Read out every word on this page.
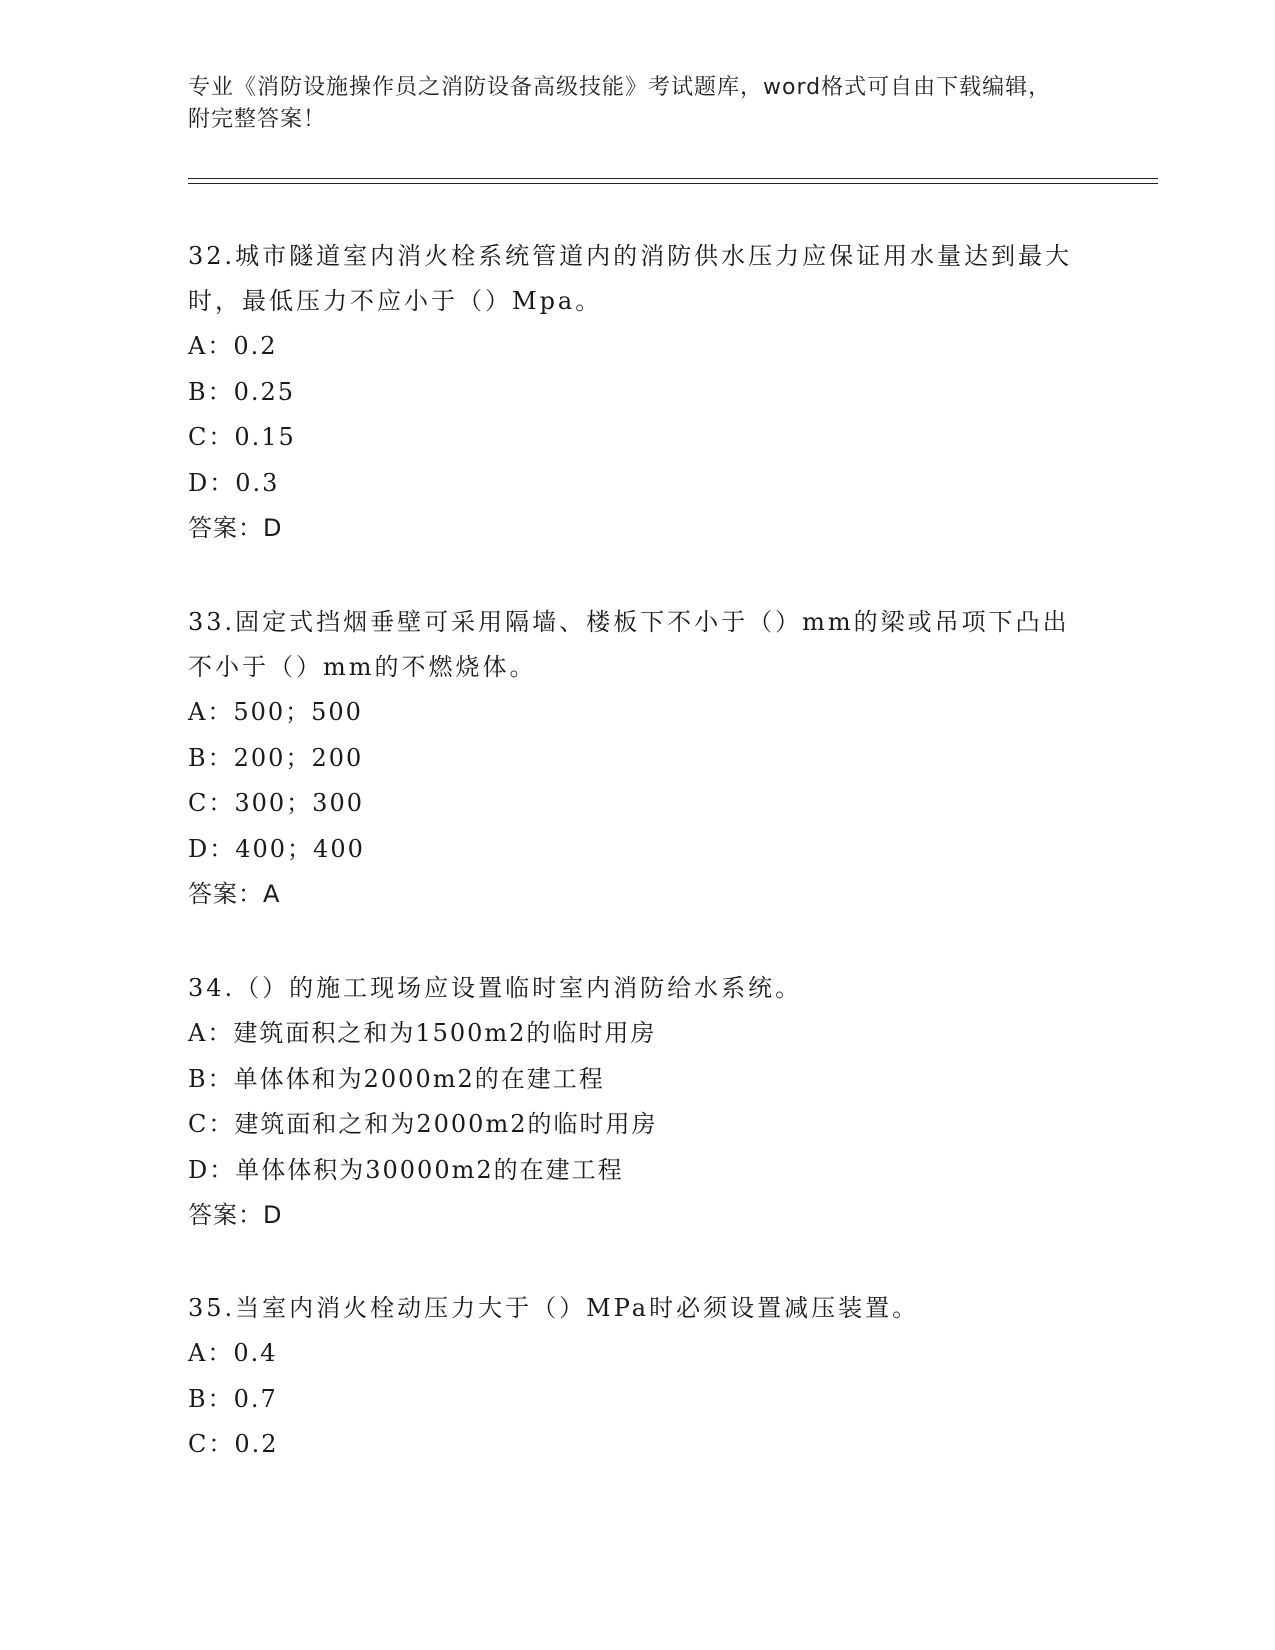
专业《消防设施操作员之消防设备高级技能》考试题库，word格式可自由下载编辑，附完整答案！

32.城市隧道室内消火栓系统管道内的消防供水压力应保证用水量达到最大时，最低压力不应小于（）Mpa。

A：0.2

B：0.25

C：0.15

D：0.3

答案：D

33.固定式挡烟垂壁可采用隔墙、楼板下不小于（）mm的梁或吊项下凸出不小于（）mm的不燃烧体。

A：500；500

B：200；200

C：300；300

D：400；400

答案：A

34.（）的施工现场应设置临时室内消防给水系统。

A：建筑面积之和为1500m2的临时用房

B：单体体和为2000m2的在建工程

C：建筑面和之和为2000m2的临时用房

D：单体体积为30000m2的在建工程

答案：D

35.当室内消火栓动压力大于（）MPa时必须设置减压装置。

A：0.4

B：0.7

C：0.2
